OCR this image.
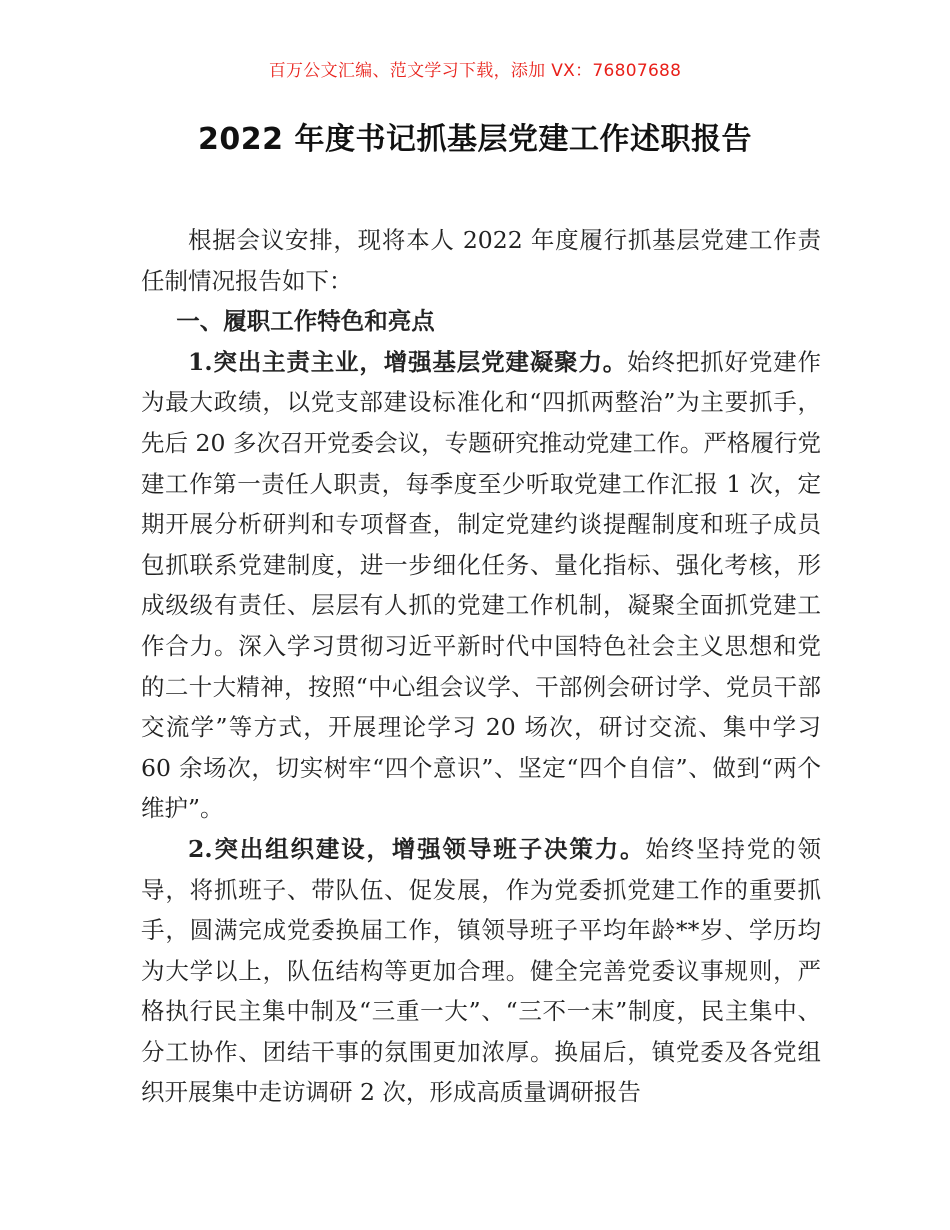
百万公文汇编、范文学习下载，添加 VX：76807688
2022 年度书记抓基层党建工作述职报告

根据会议安排，现将本人 2022 年度履行抓基层党建工作责任制情况报告如下：

一、履职工作特色和亮点

1.突出主责主业，增强基层党建凝聚力。始终把抓好党建作为最大政绩，以党支部建设标准化和“四抓两整治”为主要抓手，先后 20 多次召开党委会议，专题研究推动党建工作。严格履行党建工作第一责任人职责，每季度至少听取党建工作汇报 1 次，定期开展分析研判和专项督查，制定党建约谈提醒制度和班子成员包抓联系党建制度，进一步细化任务、量化指标、强化考核，形成级级有责任、层层有人抓的党建工作机制，凝聚全面抓党建工作合力。深入学习贯彻习近平新时代中国特色社会主义思想和党的二十大精神，按照“中心组会议学、干部例会研讨学、党员干部交流学”等方式，开展理论学习 20 场次，研讨交流、集中学习 60 余场次，切实树牢“四个意识”、坚定“四个自信”、做到“两个维护”。

2.突出组织建设，增强领导班子决策力。始终坚持党的领导，将抓班子、带队伍、促发展，作为党委抓党建工作的重要抓手，圆满完成党委换届工作，镇领导班子平均年龄**岁、学历均为大学以上，队伍结构等更加合理。健全完善党委议事规则，严格执行民主集中制及“三重一大”、“三不一末”制度，民主集中、分工协作、团结干事的氛围更加浓厚。换届后，镇党委及各党组织开展集中走访调研 2 次，形成高质量调研报告
